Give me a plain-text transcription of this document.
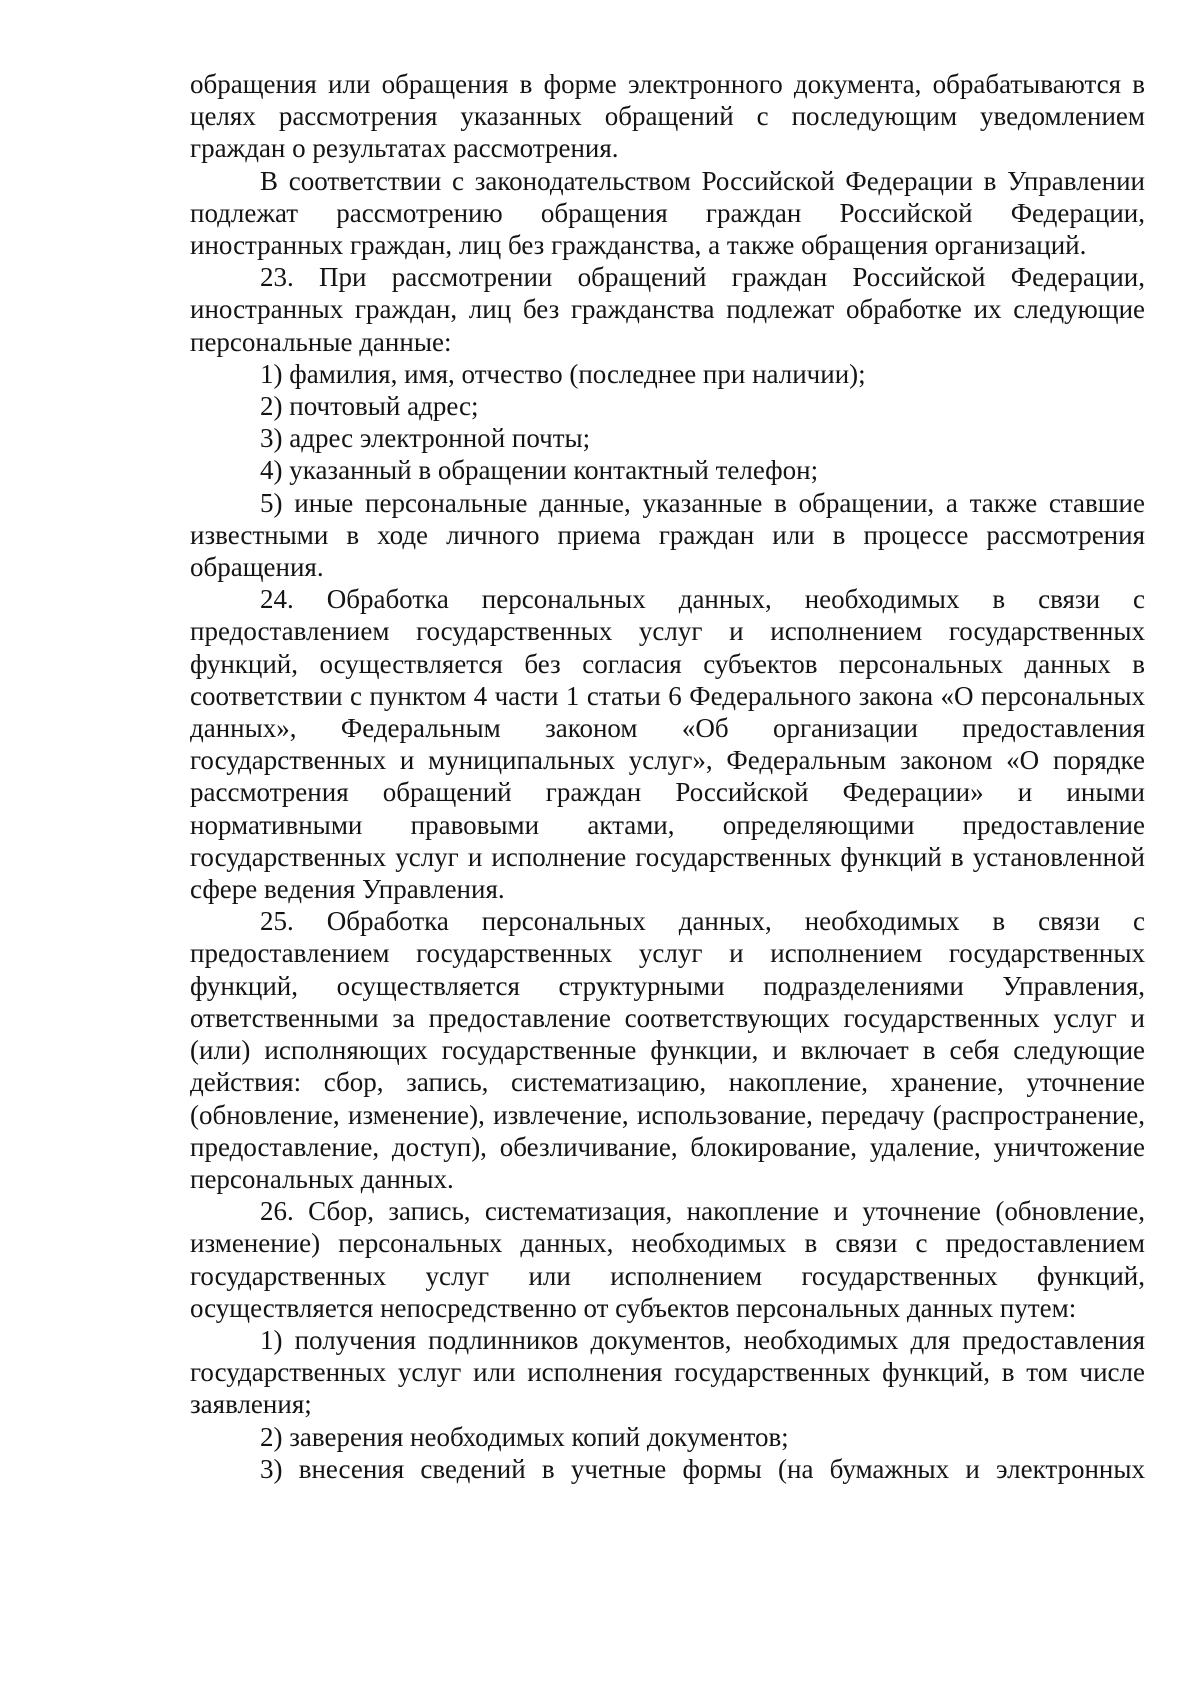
обращения или обращения в форме электронного документа, обрабатываются в целях рассмотрения указанных обращений с последующим уведомлением граждан о результатах рассмотрения.

В соответствии с законодательством Российской Федерации в Управлении подлежат рассмотрению обращения граждан Российской Федерации, иностранных граждан, лиц без гражданства, а также обращения организаций.

23. При рассмотрении обращений граждан Российской Федерации, иностранных граждан, лиц без гражданства подлежат обработке их следующие персональные данные:

1) фамилия, имя, отчество (последнее при наличии);

2) почтовый адрес;

3) адрес электронной почты;

4) указанный в обращении контактный телефон;

5) иные персональные данные, указанные в обращении, а также ставшие известными в ходе личного приема граждан или в процессе рассмотрения обращения.

24. Обработка персональных данных, необходимых в связи с предоставлением государственных услуг и исполнением государственных функций, осуществляется без согласия субъектов персональных данных в соответствии с пунктом 4 части 1 статьи 6 Федерального закона «О персональных данных», Федеральным законом «Об организации предоставления государственных и муниципальных услуг», Федеральным законом «О порядке рассмотрения обращений граждан Российской Федерации» и иными нормативными правовыми актами, определяющими предоставление государственных услуг и исполнение государственных функций в установленной сфере ведения Управления.

25. Обработка персональных данных, необходимых в связи с предоставлением государственных услуг и исполнением государственных функций, осуществляется структурными подразделениями Управления, ответственными за предоставление соответствующих государственных услуг и (или) исполняющих государственные функции, и включает в себя следующие действия: сбор, запись, систематизацию, накопление, хранение, уточнение (обновление, изменение), извлечение, использование, передачу (распространение, предоставление, доступ), обезличивание, блокирование, удаление, уничтожение персональных данных.

26. Сбор, запись, систематизация, накопление и уточнение (обновление, изменение) персональных данных, необходимых в связи с предоставлением государственных услуг или исполнением государственных функций, осуществляется непосредственно от субъектов персональных данных путем:

1) получения подлинников документов, необходимых для предоставления государственных услуг или исполнения государственных функций, в том числе заявления;

2) заверения необходимых копий документов;

3) внесения сведений в учетные формы (на бумажных и электронных
